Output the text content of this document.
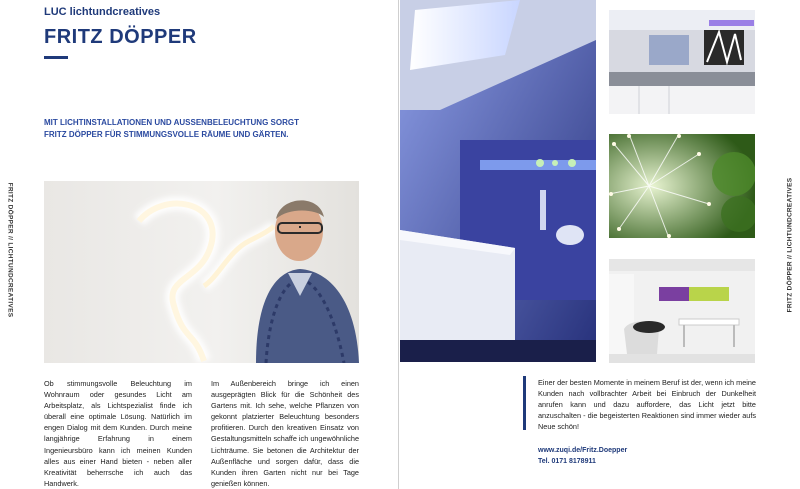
LUC lichtundcreatives
FRITZ DÖPPER
MIT LICHTINSTALLATIONEN UND AUSSENBELEUCHTUNG SORGT
FRITZ DÖPPER FÜR STIMMUNGSVOLLE RÄUME UND GÄRTEN.
FRITZ DÖPPER // LICHTUNDCREATIVES

Ob stimmungsvolle Beleuchtung im Wohnraum oder gesundes Licht am Arbeitsplatz, als Lichtspezialist finde ich überall eine optimale Lösung. Natürlich im engen Dialog mit dem Kunden. Durch meine langjährige Erfahrung in einem Ingenieursbüro kann ich meinen Kunden alles aus einer Hand bieten - neben aller Kreativität beherrsche ich auch das Handwerk.

Im Außenbereich bringe ich einen ausgeprägten Blick für die Schönheit des Gartens mit. Ich sehe, welche Pflanzen von gekonnt platzierter Beleuchtung besonders profitieren. Durch den kreativen Einsatz von Gestaltungsmitteln schaffe ich ungewöhnliche Lichträume. Sie betonen die Architektur der Außenfläche und sorgen dafür, dass die Kunden ihren Garten nicht nur bei Tage genießen können.

FRITZ DÖPPER // LICHTUNDCREATIVES

Einer der besten Momente in meinem Beruf ist der, wenn ich meine Kunden nach vollbrachter Arbeit bei Einbruch der Dunkelheit anrufen kann und dazu auffordere, das Licht jetzt bitte anzuschalten - die begeisterten Reaktionen sind immer wieder aufs Neue schön!

www.zuqi.de/Fritz.Doepper
Tel. 0171 8178911
